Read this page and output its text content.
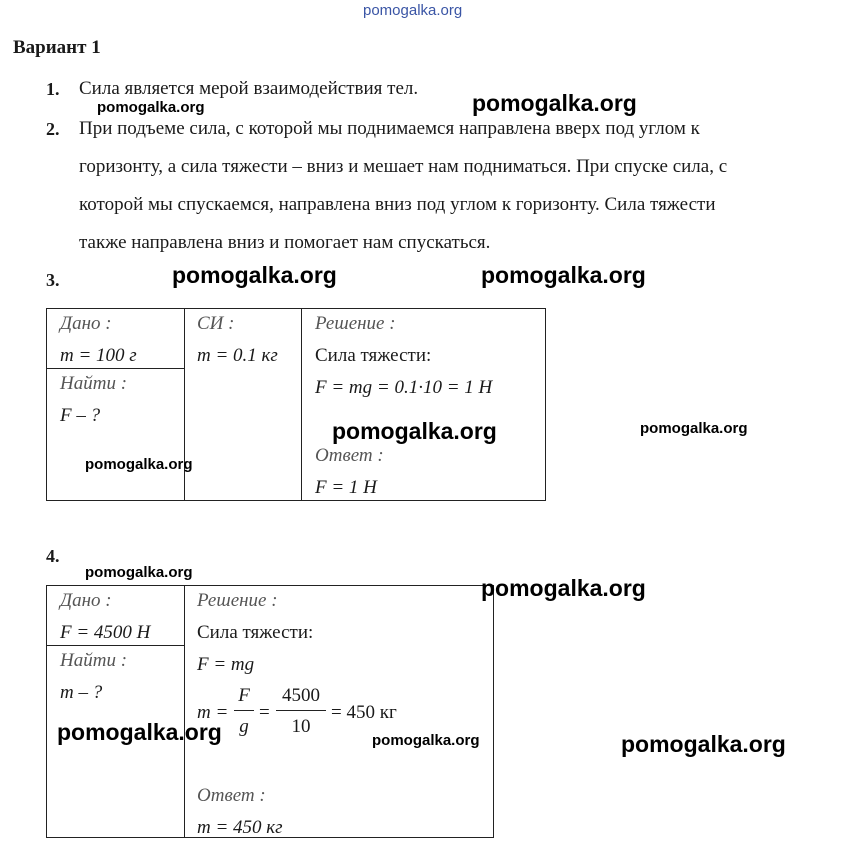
pomogalka.org
Вариант 1
1. Сила является мерой взаимодействия тел.
2. При подъеме сила, с которой мы поднимаемся направлена вверх под углом к
горизонту, а сила тяжести – вниз и мешает нам подниматься. При спуске сила, с
которой мы спускаемся, направлена вниз под углом к горизонту. Сила тяжести
также направлена вниз и помогает нам спускаться.
3.
Дано :
m = 100 г
Найти :
F – ?
СИ :
m = 0.1 кг
Решение :
Сила тяжести:
F = mg = 0.1·10 = 1 Н
Ответ :
F = 1 Н
4.
Дано :
F = 4500 Н
Найти :
m – ?
Решение :
Сила тяжести:
F = mg
m =
F
g
=
4500
10
= 450 кг
Ответ :
m = 450 кг
pomogalka.org	pomogalka.org
pomogalka.org	pomogalka.org
pomogalka.org	pomogalka.org
pomogalka.org
pomogalka.org
pomogalka.org
pomogalka.org	pomogalka.org	pomogalka.org
